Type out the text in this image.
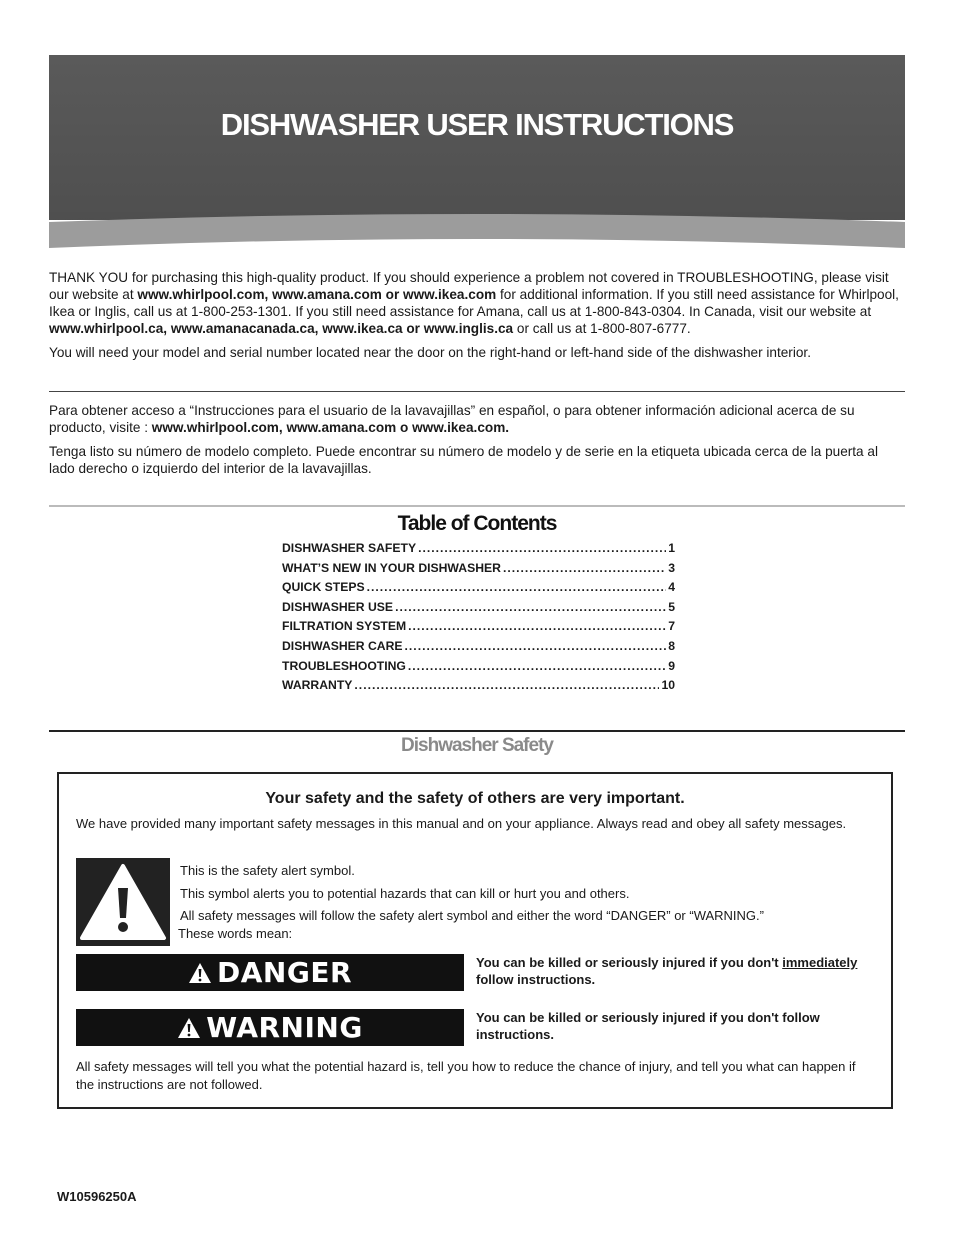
DISHWASHER USER INSTRUCTIONS

THANK YOU for purchasing this high-quality product. If you should experience a problem not covered in TROUBLESHOOTING, please visit our website at www.whirlpool.com, www.amana.com or www.ikea.com for additional information. If you still need assistance for Whirlpool, Ikea or Inglis, call us at 1-800-253-1301. If you still need assistance for Amana, call us at 1-800-843-0304. In Canada, visit our website at www.whirlpool.ca, www.amanacanada.ca, www.ikea.ca or www.inglis.ca or call us at 1-800-807-6777.

You will need your model and serial number located near the door on the right-hand or left-hand side of the dishwasher interior.

Para obtener acceso a “Instrucciones para el usuario de la lavavajillas” en español, o para obtener información adicional acerca de su producto, visite : www.whirlpool.com, www.amana.com o www.ikea.com.

Tenga listo su número de modelo completo. Puede encontrar su número de modelo y de serie en la etiqueta ubicada cerca de la puerta al lado derecho o izquierdo del interior de la lavavajillas.

Table of Contents
DISHWASHER SAFETY .....	1
WHAT’S NEW IN YOUR DISHWASHER .....	3
QUICK STEPS .....	4
DISHWASHER USE .....	5
FILTRATION SYSTEM .....	7
DISHWASHER CARE .....	8
TROUBLESHOOTING .....	9
WARRANTY .....	10
Dishwasher Safety
Your safety and the safety of others are very important.
We have provided many important safety messages in this manual and on your appliance. Always read and obey all safety messages.
This is the safety alert symbol.
This symbol alerts you to potential hazards that can kill or hurt you and others.
All safety messages will follow the safety alert symbol and either the word “DANGER” or “WARNING.”
These words mean:
DANGER	You can be killed or seriously injured if you don't immediately follow instructions.
WARNING	You can be killed or seriously injured if you don't follow instructions.
All safety messages will tell you what the potential hazard is, tell you how to reduce the chance of injury, and tell you what can happen if the instructions are not followed.
W10596250A
